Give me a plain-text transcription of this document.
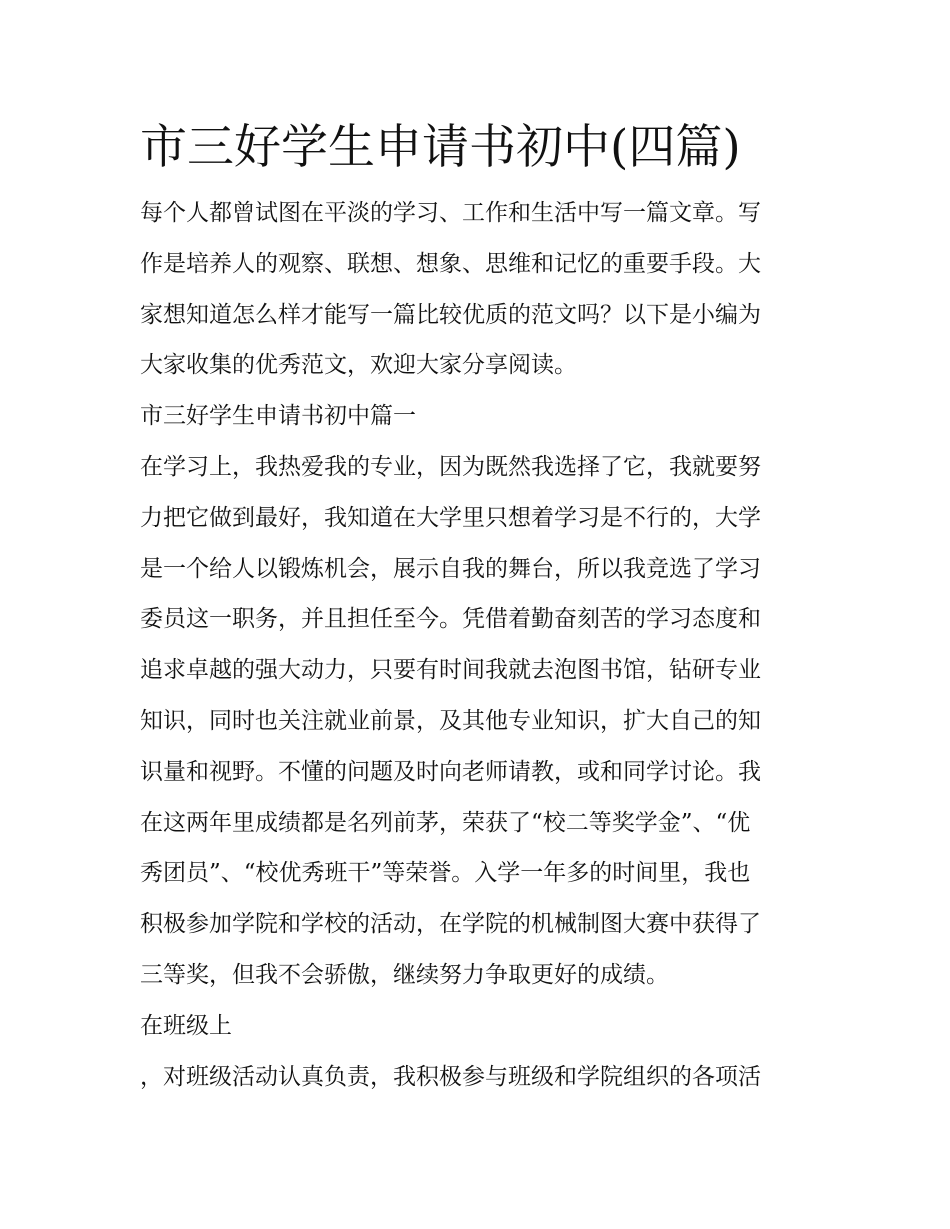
市三好学生申请书初中(四篇)
每个人都曾试图在平淡的学习、工作和生活中写一篇文章。写
作是培养人的观察、联想、想象、思维和记忆的重要手段。大
家想知道怎么样才能写一篇比较优质的范文吗？以下是小编为
大家收集的优秀范文，欢迎大家分享阅读。
市三好学生申请书初中篇一
在学习上，我热爱我的专业，因为既然我选择了它，我就要努
力把它做到最好，我知道在大学里只想着学习是不行的，大学
是一个给人以锻炼机会，展示自我的舞台，所以我竞选了学习
委员这一职务，并且担任至今。凭借着勤奋刻苦的学习态度和
追求卓越的强大动力，只要有时间我就去泡图书馆，钻研专业
知识，同时也关注就业前景，及其他专业知识，扩大自己的知
识量和视野。不懂的问题及时向老师请教，或和同学讨论。我
在这两年里成绩都是名列前茅，荣获了“校二等奖学金”、“优
秀团员”、“校优秀班干”等荣誉。入学一年多的时间里，我也
积极参加学院和学校的活动，在学院的机械制图大赛中获得了
三等奖，但我不会骄傲，继续努力争取更好的成绩。
在班级上
，对班级活动认真负责，我积极参与班级和学院组织的各项活
